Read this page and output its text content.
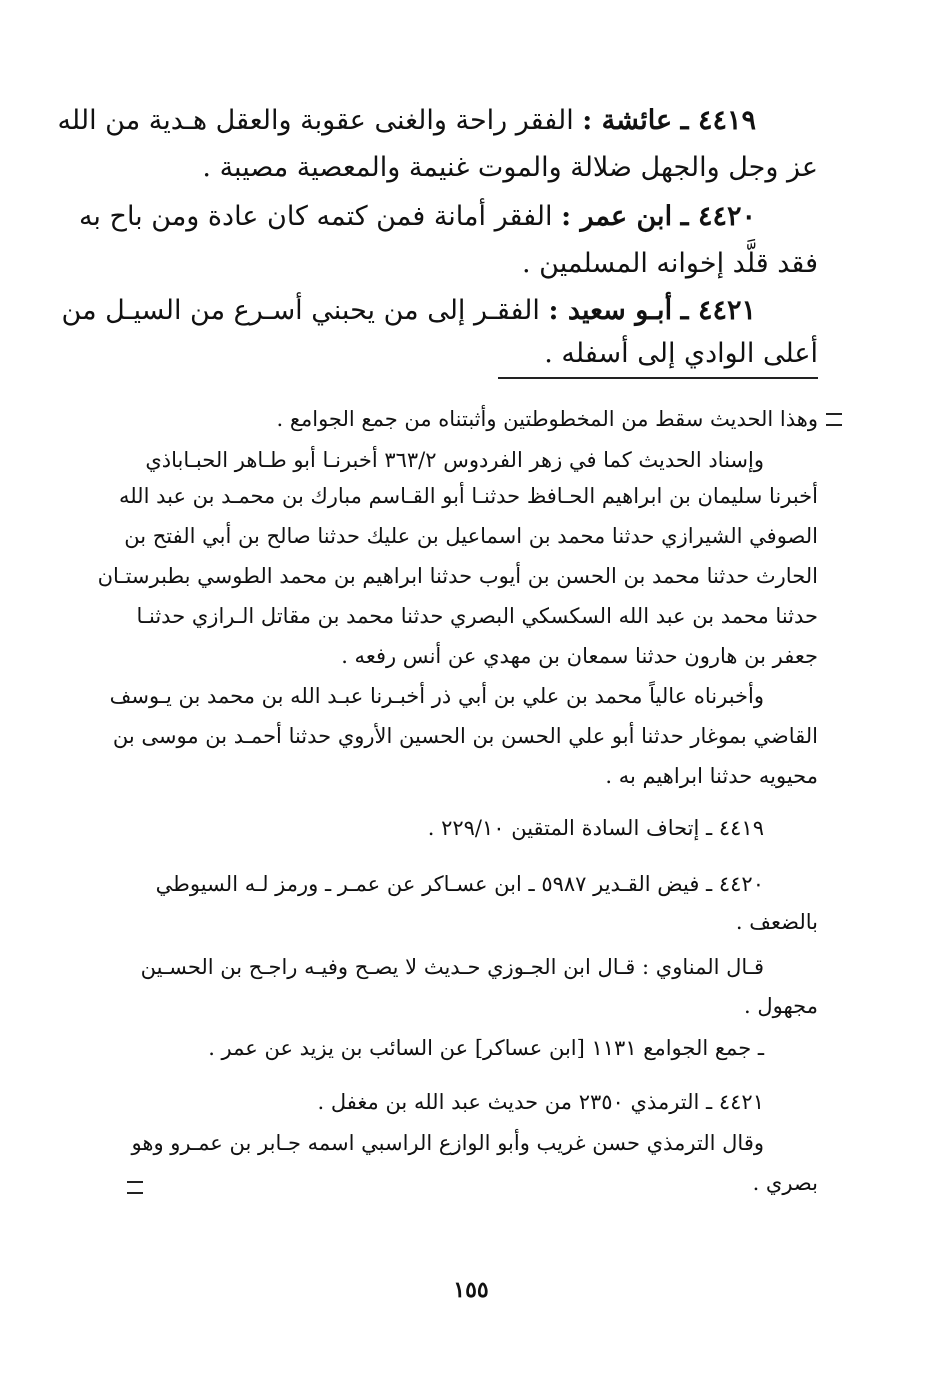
٤٤١٩ ـ عائشة : الفقر راحة والغنى عقوبة والعقل هـدية من الله
عز وجل والجهل ضلالة والموت غنيمة والمعصية مصيبة .
٤٤٢٠ ـ ابن عمر : الفقر أمانة فمن كتمه كان عادة ومن باح به
فقد قلَّد إخوانه المسلمين .
٤٤٢١ ـ أبـو سعيد : الفقـر إلى من يحبني أسـرع من السيـل من
أعلى الوادي إلى أسفله .
وهذا الحديث سقط من المخطوطتين وأثبتناه من جمع الجوامع .
وإسناد الحديث كما في زهر الفردوس ٣٦٣/٢ أخبرنـا أبو طـاهر الحبـاباذي
أخبرنا سليمان بن ابراهيم الحـافظ حدثنـا أبو القـاسم مبارك بن محمـد بن عبد الله
الصوفي الشيرازي حدثنا محمد بن اسماعيل بن عليك حدثنا صالح بن أبي الفتح بن
الحارث حدثنا محمد بن الحسن بن أيوب حدثنا ابراهيم بن محمد الطوسي بطبرستـان
حدثنا محمد بن عبد الله السكسكي البصري حدثنا محمد بن مقاتل الـرازي حدثنـا
جعفر بن هارون حدثنا سمعان بن مهدي عن أنس رفعه .
وأخبرناه عالياً محمد بن علي بن أبي ذر أخبـرنا عبـد الله بن محمد بن يـوسف
القاضي بموغار حدثنا أبو علي الحسن بن الحسين الأروي حدثنا أحمـد بن موسى بن
محيويه حدثنا ابراهيم به .
٤٤١٩ ـ إتحاف السادة المتقين ٢٢٩/١٠ .
٤٤٢٠ ـ فيض القـدير ٥٩٨٧ ـ ابن عسـاكر عن عمـر ـ ورمز لـه السيوطي
بالضعف .
قـال المناوي : قـال ابن الجـوزي حـديث لا يصـح وفيـه راجـح بن الحسـين
مجهول .
ـ جمع الجوامع ١١٣١ [ابن عساكر] عن السائب بن يزيد عن عمر .
٤٤٢١ ـ الترمذي ٢٣٥٠ من حديث عبد الله بن مغفل .
وقال الترمذي حسن غريب وأبو الوازع الراسبي اسمه جـابر بن عمـرو وهو
بصري .
١٥٥
